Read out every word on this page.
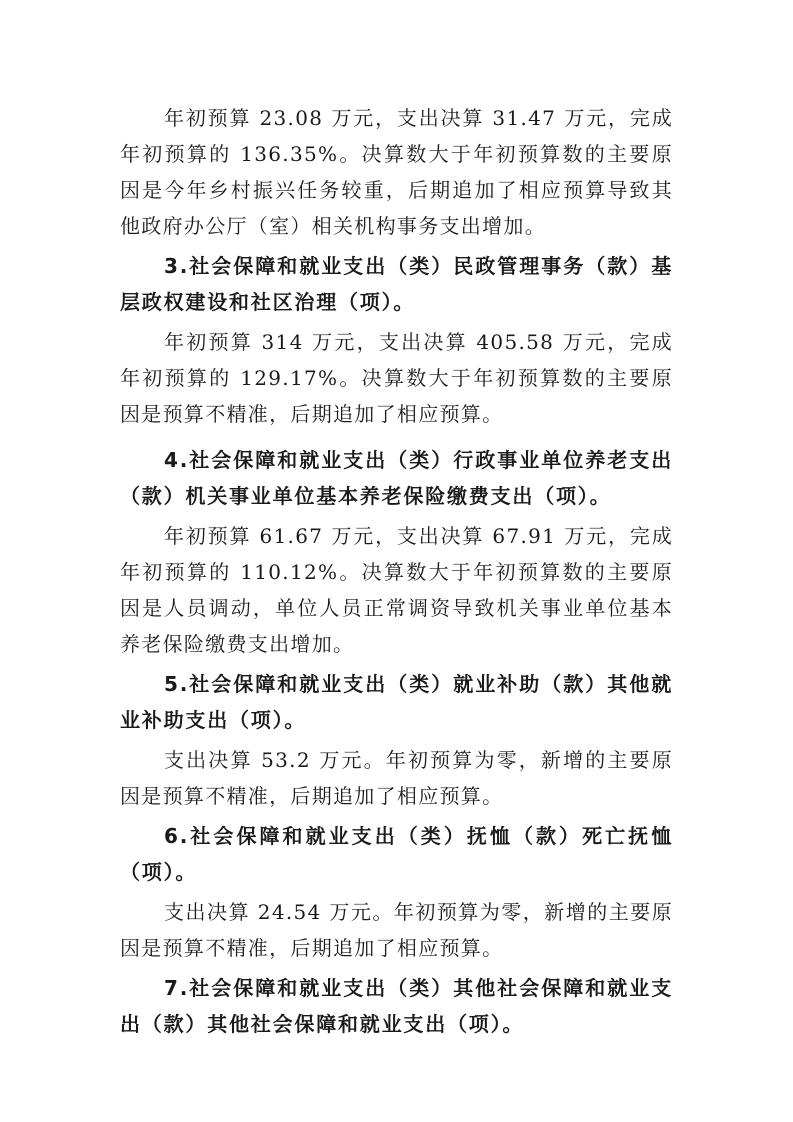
年初预算 23.08 万元，支出决算 31.47 万元，完成年初预算的 136.35%。决算数大于年初预算数的主要原因是今年乡村振兴任务较重，后期追加了相应预算导致其他政府办公厅（室）相关机构事务支出增加。

3.社会保障和就业支出（类）民政管理事务（款）基层政权建设和社区治理（项）。

年初预算 314 万元，支出决算 405.58 万元，完成年初预算的 129.17%。决算数大于年初预算数的主要原因是预算不精准，后期追加了相应预算。

4.社会保障和就业支出（类）行政事业单位养老支出（款）机关事业单位基本养老保险缴费支出（项）。

年初预算 61.67 万元，支出决算 67.91 万元，完成年初预算的 110.12%。决算数大于年初预算数的主要原因是人员调动，单位人员正常调资导致机关事业单位基本养老保险缴费支出增加。

5.社会保障和就业支出（类）就业补助（款）其他就业补助支出（项）。

支出决算 53.2 万元。年初预算为零，新增的主要原因是预算不精准，后期追加了相应预算。

6.社会保障和就业支出（类）抚恤（款）死亡抚恤（项）。

支出决算 24.54 万元。年初预算为零，新增的主要原因是预算不精准，后期追加了相应预算。

7.社会保障和就业支出（类）其他社会保障和就业支出（款）其他社会保障和就业支出（项）。
